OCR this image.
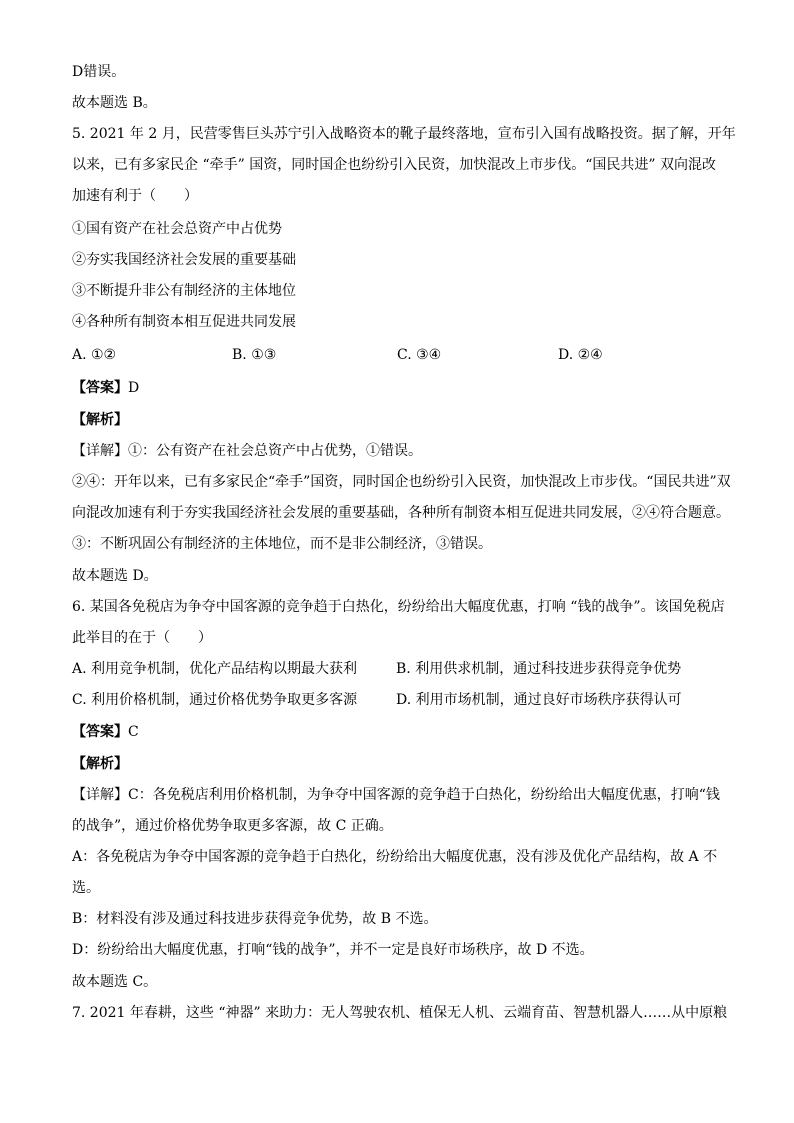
D错误。
故本题选 B。
5. 2021 年 2 月，民营零售巨头苏宁引入战略资本的靴子最终落地，宣布引入国有战略投资。据了解，开年
以来，已有多家民企 “牵手” 国资，同时国企也纷纷引入民资，加快混改上市步伐。“国民共进” 双向混改
加速有利于（　　）
①国有资产在社会总资产中占优势
②夯实我国经济社会发展的重要基础
③不断提升非公有制经济的主体地位
④各种所有制资本相互促进共同发展
A. ①②	B. ①③	C. ③④	D. ②④
【答案】D
【解析】
【详解】①：公有资产在社会总资产中占优势，①错误。
②④：开年以来，已有多家民企“牵手”国资，同时国企也纷纷引入民资，加快混改上市步伐。“国民共进”双
向混改加速有利于夯实我国经济社会发展的重要基础，各种所有制资本相互促进共同发展，②④符合题意。
③：不断巩固公有制经济的主体地位，而不是非公制经济，③错误。
故本题选 D。
6. 某国各免税店为争夺中国客源的竞争趋于白热化，纷纷给出大幅度优惠，打响 “钱的战争”。该国免税店
此举目的在于（　　）
A. 利用竞争机制，优化产品结构以期最大获利	B. 利用供求机制，通过科技进步获得竞争优势
C. 利用价格机制，通过价格优势争取更多客源	D. 利用市场机制，通过良好市场秩序获得认可
【答案】C
【解析】
【详解】C：各免税店利用价格机制，为争夺中国客源的竞争趋于白热化，纷纷给出大幅度优惠，打响“钱
的战争”，通过价格优势争取更多客源，故 C 正确。
A：各免税店为争夺中国客源的竞争趋于白热化，纷纷给出大幅度优惠，没有涉及优化产品结构，故 A 不
选。
B：材料没有涉及通过科技进步获得竞争优势，故 B 不选。
D：纷纷给出大幅度优惠，打响“钱的战争”，并不一定是良好市场秩序，故 D 不选。
故本题选 C。
7. 2021 年春耕，这些 “神器” 来助力：无人驾驶农机、植保无人机、云端育苗、智慧机器人……从中原粮
